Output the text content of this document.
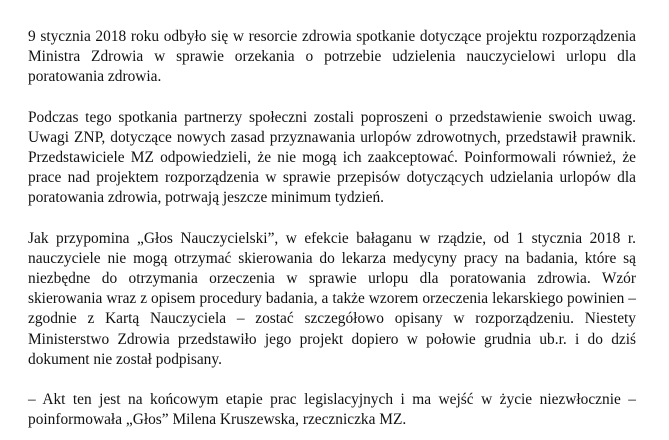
9 stycznia 2018 roku odbyło się w resorcie zdrowia spotkanie dotyczące projektu rozporządzenia Ministra Zdrowia w sprawie orzekania o potrzebie udzielenia nauczycielowi urlopu dla poratowania zdrowia.

Podczas tego spotkania partnerzy społeczni zostali poproszeni o przedstawienie swoich uwag. Uwagi ZNP, dotyczące nowych zasad przyznawania urlopów zdrowotnych, przedstawił prawnik. Przedstawiciele MZ odpowiedzieli, że nie mogą ich zaakceptować. Poinformowali również, że prace nad projektem rozporządzenia w sprawie przepisów dotyczących udzielania urlopów dla poratowania zdrowia, potrwają jeszcze minimum tydzień.

Jak przypomina „Głos Nauczycielski”, w efekcie bałaganu w rządzie, od 1 stycznia 2018 r. nauczyciele nie mogą otrzymać skierowania do lekarza medycyny pracy na badania, które są niezbędne do otrzymania orzeczenia w sprawie urlopu dla poratowania zdrowia. Wzór skierowania wraz z opisem procedury badania, a także wzorem orzeczenia lekarskiego powinien – zgodnie z Kartą Nauczyciela – zostać szczegółowo opisany w rozporządzeniu. Niestety Ministerstwo Zdrowia przedstawiło jego projekt dopiero w połowie grudnia ub.r. i do dziś dokument nie został podpisany.

– Akt ten jest na końcowym etapie prac legislacyjnych i ma wejść w życie niezwłocznie – poinformowała „Głos” Milena Kruszewska, rzeczniczka MZ.
